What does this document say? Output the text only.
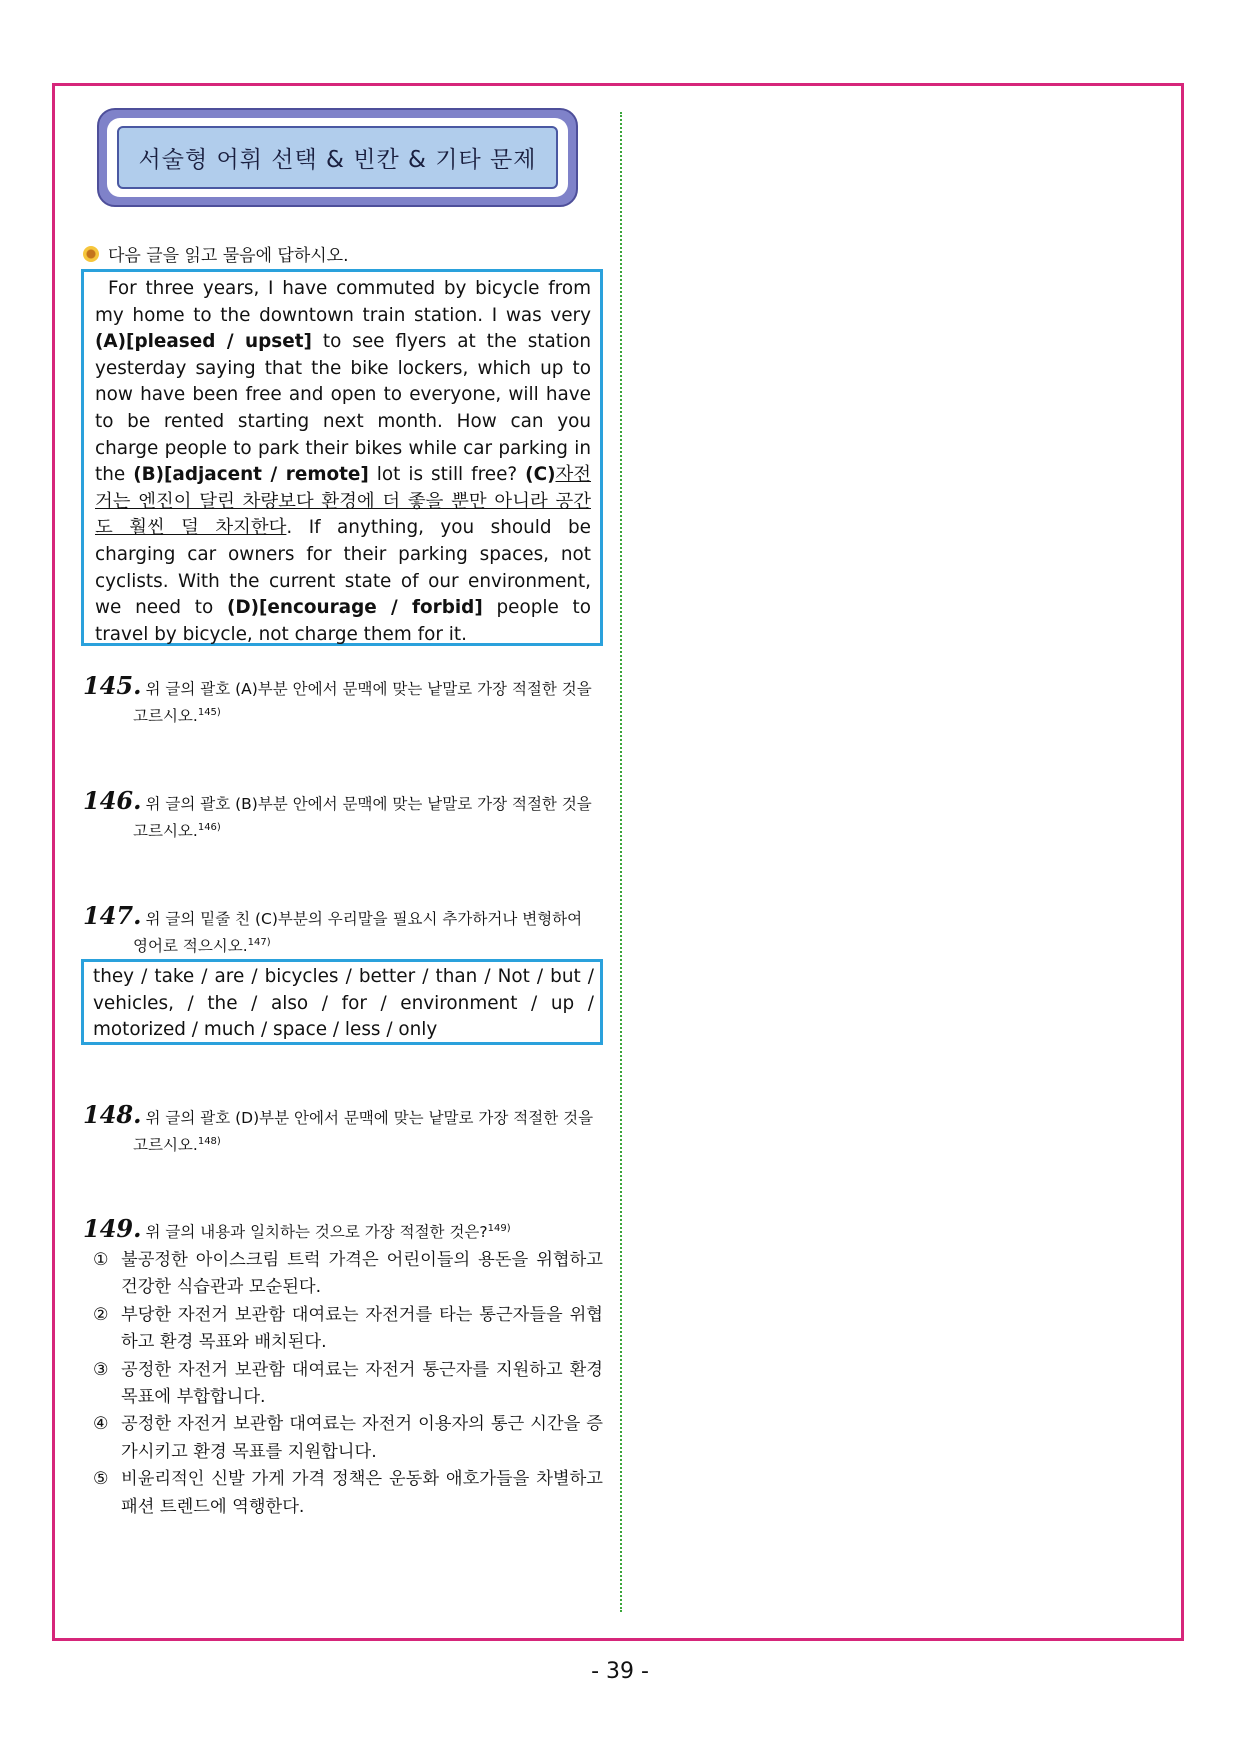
서술형 어휘 선택 & 빈칸 & 기타 문제
다음 글을 읽고 물음에 답하시오.
For three years, I have commuted by bicycle from my home to the downtown train station. I was very (A)[pleased / upset] to see flyers at the station yesterday saying that the bike lockers, which up to now have been free and open to everyone, will have to be rented starting next month. How can you charge people to park their bikes while car parking in the (B)[adjacent / remote] lot is still free? (C)자전거는 엔진이 달린 차량보다 환경에 더 좋을 뿐만 아니라 공간도 훨씬 덜 차지한다. If anything, you should be charging car owners for their parking spaces, not cyclists. With the current state of our environment, we need to (D)[encourage / forbid] people to travel by bicycle, not charge them for it.
145. 위 글의 괄호 (A)부분 안에서 문맥에 맞는 낱말로 가장 적절한 것을
고르시오.$^{145)}$
146. 위 글의 괄호 (B)부분 안에서 문맥에 맞는 낱말로 가장 적절한 것을
고르시오.$^{146)}$
147. 위 글의 밑줄 친 (C)부분의 우리말을 필요시 추가하거나 변형하여
영어로 적으시오.$^{147)}$
they / take / are / bicycles / better / than / Not / but / vehicles, / the / also / for / environment / up / motorized / much / space / less / only
148. 위 글의 괄호 (D)부분 안에서 문맥에 맞는 낱말로 가장 적절한 것을
고르시오.$^{148)}$
149. 위 글의 내용과 일치하는 것으로 가장 적절한 것은?$^{149)}$
① 불공정한 아이스크림 트럭 가격은 어린이들의 용돈을 위협하고 건강한 식습관과 모순된다.
② 부당한 자전거 보관함 대여료는 자전거를 타는 통근자들을 위협하고 환경 목표와 배치된다.
③ 공정한 자전거 보관함 대여료는 자전거 통근자를 지원하고 환경 목표에 부합합니다.
④ 공정한 자전거 보관함 대여료는 자전거 이용자의 통근 시간을 증가시키고 환경 목표를 지원합니다.
⑤ 비윤리적인 신발 가게 가격 정책은 운동화 애호가들을 차별하고 패션 트렌드에 역행한다.
- 39 -
